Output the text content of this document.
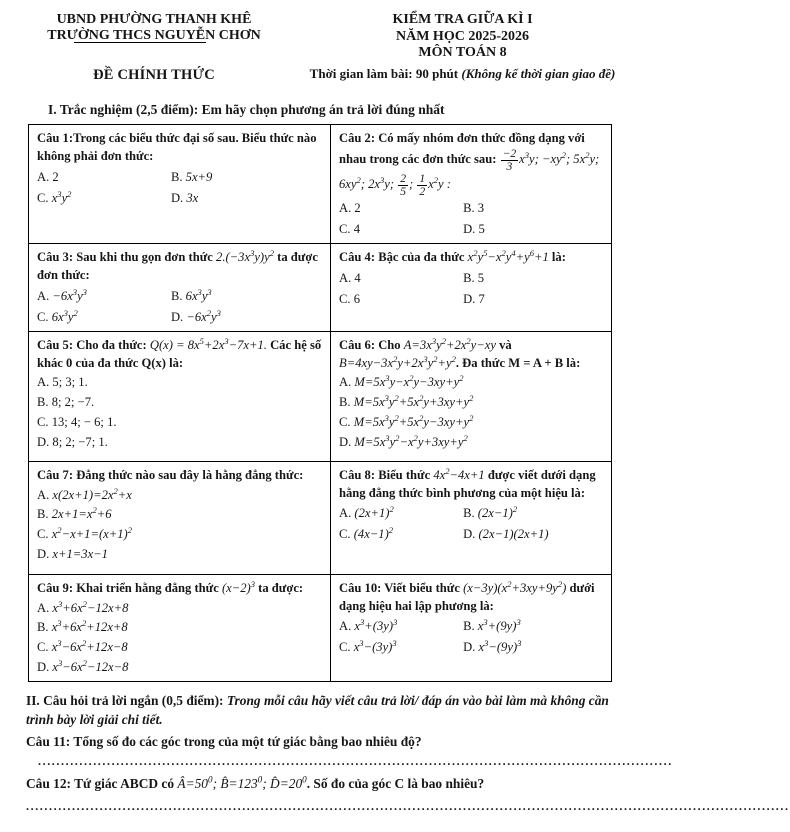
UBND PHƯỜNG THANH KHÊ
TRƯỜNG THCS NGUYỄN CHƠN
ĐỀ CHÍNH THỨC
KIỂM TRA GIỮA KÌ I
NĂM HỌC 2025-2026
MÔN TOÁN 8
Thời gian làm bài: 90 phút (Không kể thời gian giao đề)
I. Trắc nghiệm (2,5 điểm): Em hãy chọn phương án trả lời đúng nhất
Câu 1:Trong các biểu thức đại số sau. Biểu thức nào không phải đơn thức:
A. 2	B. 5x+9
C. $x^3y^2$	D. 3x
Câu 2: Có mấy nhóm đơn thức đồng dạng với nhau trong các đơn thức sau: $\frac{-2}{3} x^3y$; $-xy^2$; $5x^2y$; $6xy^2$; $2x^3y$; $\frac{2}{5}$ ; $\frac{1}{2} x^2y$ :
A. 2	B. 3
C. 4	D. 5
Câu 3: Sau khi thu gọn đơn thức $2.(-3x^3y)y^2$ ta được đơn thức:
A. $-6x^3y^3$	B. $6x^3y^3$
C. $6x^3y^2$	D. $-6x^2y^3$
Câu 4: Bậc của đa thức $x^2y^5-x^2y^4+y^6+1$ là:
A. 4	B. 5
C. 6	D. 7
Câu 5: Cho đa thức: $Q(x) = 8x^5+2x^3-7x+1$. Các hệ số khác 0 của đa thức Q(x) là:
A. 5; 3; 1.
B. 8; 2; −7.
C. 13; 4; − 6; 1.
D. 8; 2; −7; 1.
Câu 6: Cho $A=3x^3y^2+2x^2y-xy$ và $B=4xy-3x^2y+2x^3y^2+y^2$. Đa thức M = A + B là:
A. $M=5x^3y-x^2y-3xy+y^2$
B. $M=5x^3y^2+5x^2y+3xy+y^2$
C. $M=5x^3y^2+5x^2y-3xy+y^2$
D. $M=5x^3y^2-x^2y+3xy+y^2$
Câu 7: Đẳng thức nào sau đây là hằng đẳng thức:
A. $x(2x+1)=2x^2+x$
B. $2x+1=x^2+6$
C. $x^2-x+1=(x+1)^2$
D. x+1=3x−1
Câu 8: Biểu thức $4x^2-4x+1$ được viết dưới dạng hằng đẳng thức bình phương của một hiệu là:
A. $(2x+1)^2$	B. $(2x-1)^2$
C. $(4x-1)^2$	D. (2x−1)(2x+1)
Câu 9: Khai triển hằng đẳng thức $(x-2)^3$ ta được:
A. $x^3+6x^2-12x+8$
B. $x^3+6x^2+12x+8$
C. $x^3-6x^2+12x-8$
D. $x^3-6x^2-12x-8$
Câu 10: Viết biểu thức $(x-3y)(x^2+3xy+9y^2)$ dưới dạng hiệu hai lập phương là:
A. $x^3+(3y)^3$	B. $x^3+(9y)^3$
C. $x^3-(3y)^3$	D. $x^3-(9y)^3$
II. Câu hỏi trả lời ngắn (0,5 điểm): Trong mỗi câu hãy viết câu trả lời/ đáp án vào bài làm mà không cần trình bày lời giải chi tiết.
Câu 11: Tổng số đo các góc trong của một tứ giác bằng bao nhiêu độ?
..........................................................................................................................................
Câu 12: Tứ giác ABCD có $Â=50^0$; $B̂=123^0$; $D̂=20^0$. Số đo của góc C là bao nhiêu?
......................................................................................................................................................................
